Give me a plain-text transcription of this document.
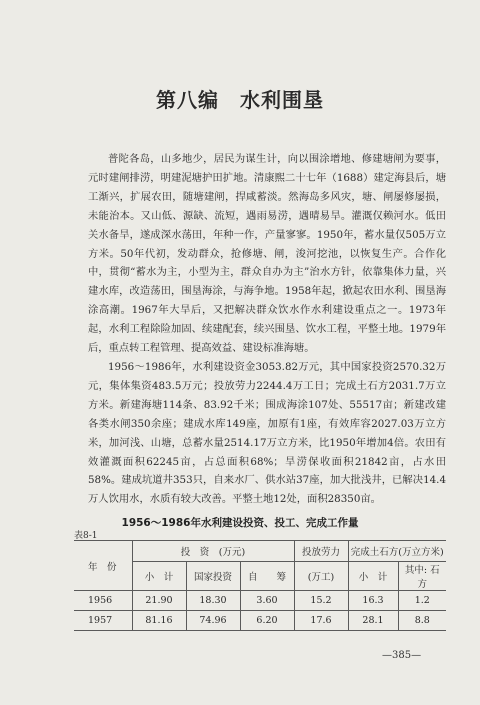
第八编　水利围垦

普陀各岛，山多地少，居民为谋生计，向以围涂增地、修建塘闸为要事，元时建闸排涝，明建泥塘护田扩地。清康熙二十七年（1688）建定海县后，塘工渐兴，扩展农田，随塘建闸，捍咸蓄淡。然海岛多风灾，塘、闸屡修屡损，未能治本。又山低、源缺、流短，遇雨易涝，遇晴易旱。灌溉仅赖河水。低田关水备旱，遂成深水荡田，年种一作，产量寥寥。1950年，蓄水量仅505万立方米。50年代初，发动群众，抢修塘、闸，浚河挖池，以恢复生产。合作化中，贯彻“蓄水为主，小型为主，群众自办为主”治水方针，依靠集体力量，兴建水库，改造荡田，围垦海涂，与海争地。1958年起，掀起农田水利、围垦海涂高潮。1967年大旱后，又把解决群众饮水作水利建设重点之一。1973年起，水利工程除险加固、续建配套，续兴围垦、饮水工程，平整土地。1979年后，重点转工程管理、提高效益、建设标准海塘。

1956～1986年，水利建设资金3053.82万元，其中国家投资2570.32万元，集体集资483.5万元；投放劳力2244.4万工日；完成土石方2031.7万立方米。新建海塘114条、83.92千米；围成海涂107处、55517亩；新建改建各类水闸350余座；建成水库149座，加原有1座，有效库容2027.03万立方米，加河浅、山塘，总蓄水量2514.17万立方米，比1950年增加4倍。农田有效灌溉面积62245亩，占总面积68%；旱涝保收面积21842亩，占水田58%。建成坑道井353只，自来水厂、供水站37座，加大批浅井，已解决14.4万人饮用水，水质有较大改善。平整土地12处，面积28350亩。

1956～1986年水利建设投资、投工、完成工作量
表8-1
年　份	投　资　(万元)			投放劳力	完成土石方(万立方米)	
	小　计	国家投资	自　　筹	(万工)	小　计	其中: 石方
1956	21.90	18.30	3.60	15.2	16.3	1.2
1957	81.16	74.96	6.20	17.6	28.1	8.8
—385—
